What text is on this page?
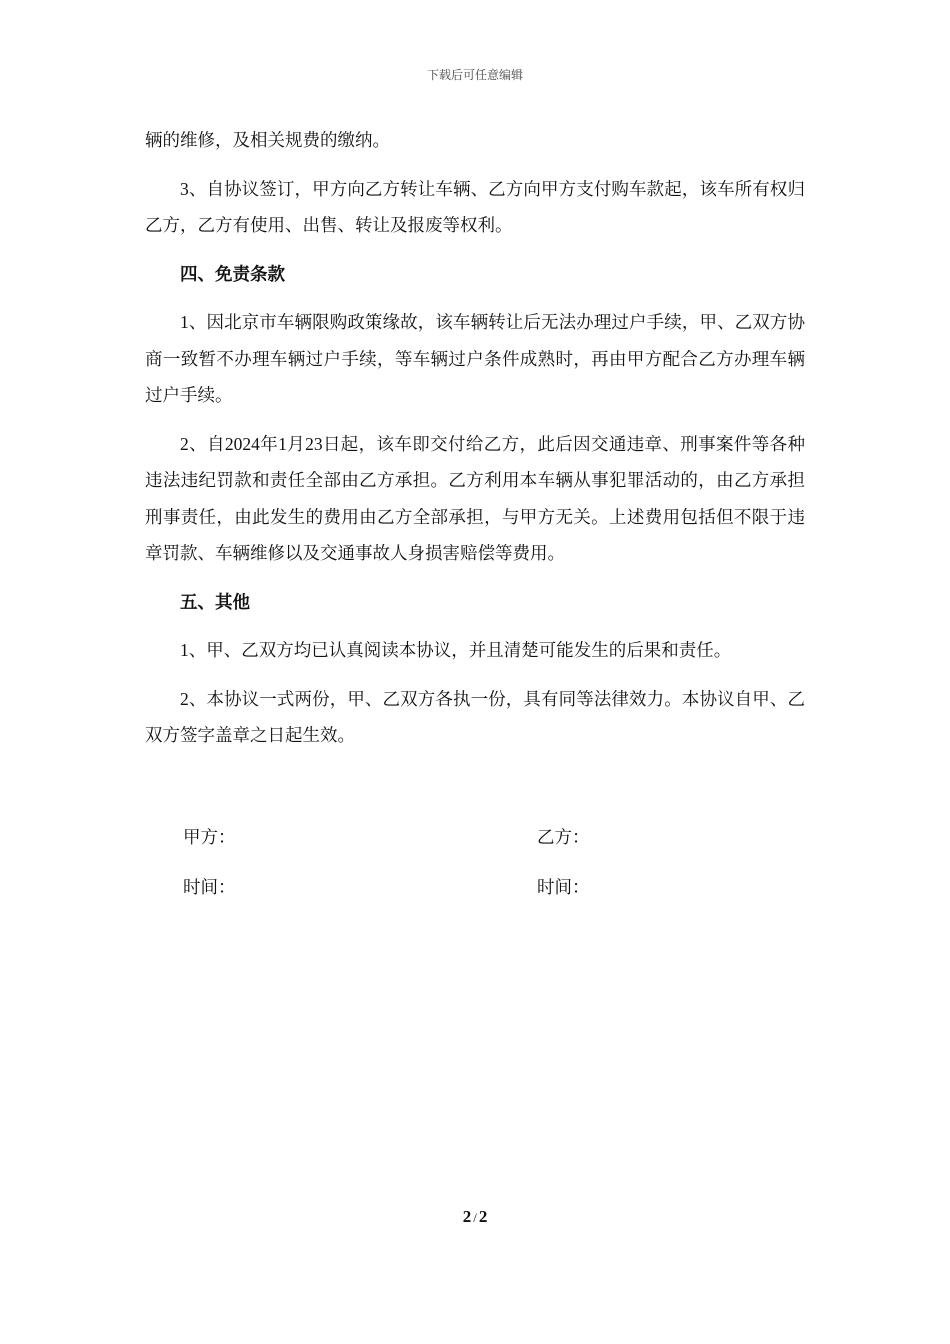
下载后可任意编辑

辆的维修，及相关规费的缴纳。

3、自协议签订，甲方向乙方转让车辆、乙方向甲方支付购车款起，该车所有权归乙方，乙方有使用、出售、转让及报废等权利。

四、免责条款

1、因北京市车辆限购政策缘故，该车辆转让后无法办理过户手续，甲、乙双方协商一致暂不办理车辆过户手续，等车辆过户条件成熟时，再由甲方配合乙方办理车辆过户手续。

2、自2024年1月23日起，该车即交付给乙方，此后因交通违章、刑事案件等各种违法违纪罚款和责任全部由乙方承担。乙方利用本车辆从事犯罪活动的，由乙方承担刑事责任，由此发生的费用由乙方全部承担，与甲方无关。上述费用包括但不限于违章罚款、车辆维修以及交通事故人身损害赔偿等费用。

五、其他

1、甲、乙双方均已认真阅读本协议，并且清楚可能发生的后果和责任。

2、本协议一式两份，甲、乙双方各执一份，具有同等法律效力。本协议自甲、乙双方签字盖章之日起生效。

甲方：	乙方：
时间：	时间：
2 / 2
